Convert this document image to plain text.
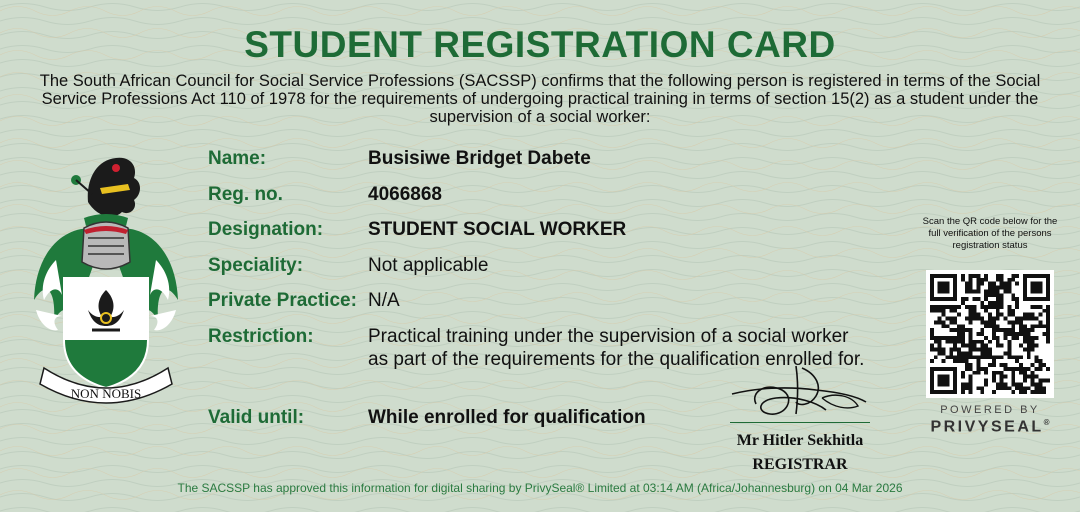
STUDENT REGISTRATION CARD
The South African Council for Social Service Professions (SACSSP) confirms that the following person is registered in terms of the Social Service Professions Act 110 of 1978 for the requirements of undergoing practical training in terms of section 15(2) as a student under the supervision of a social worker:
NON NOBIS
Name:	Busisiwe Bridget Dabete
Reg. no.	4066868
Designation: STUDENT SOCIAL WORKER
Speciality:	Not applicable
Private Practice: N/A
Restriction:	Practical training under the supervision of a social worker
as part of the requirements for the qualification enrolled for.
Valid until:	While enrolled for qualification
Mr Hitler Sekhitla
REGISTRAR
Scan the QR code below for the full verification of the persons registration status
POWERED BY
PRIVYSEAL®
The SACSSP has approved this information for digital sharing by PrivySeal® Limited at 03:14 AM (Africa/Johannesburg) on 04 Mar 2026
